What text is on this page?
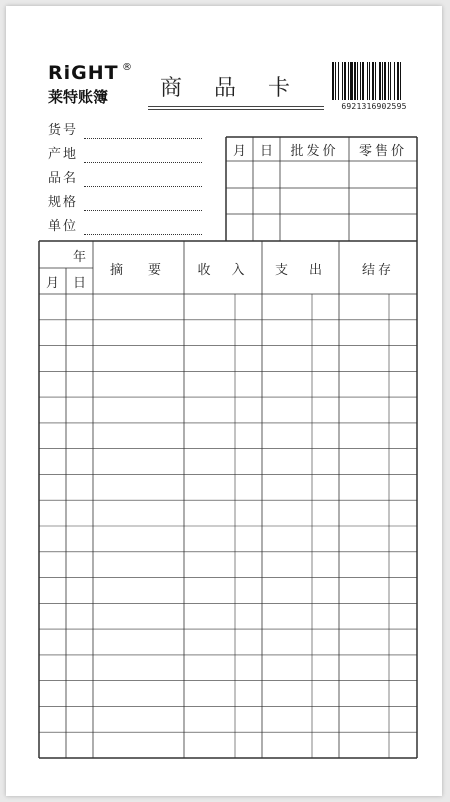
RiGHT ®
莱特账簿	商品卡
6921316902595
货号
产地
品名
规格
单位
月	日	批发价	零售价
年
月	日
摘　要	收　入	支　出	结存
